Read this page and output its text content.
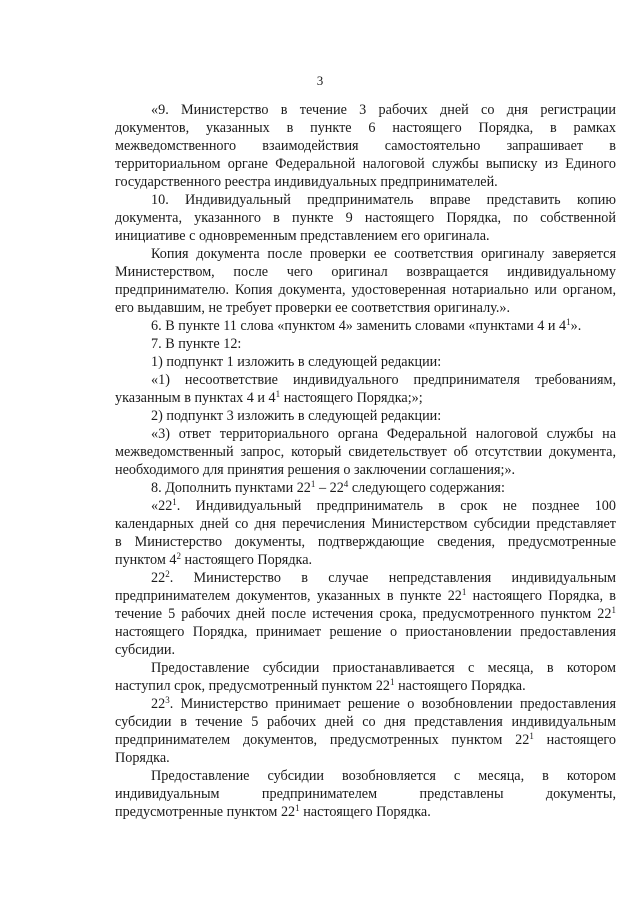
3
«9. Министерство в течение 3 рабочих дней со дня регистрации
документов, указанных в пункте 6 настоящего Порядка, в рамках
межведомственного взаимодействия самостоятельно запрашивает в
территориальном органе Федеральной налоговой службы выписку из Единого
государственного реестра индивидуальных предпринимателей.
10. Индивидуальный предприниматель вправе представить копию
документа, указанного в пункте 9 настоящего Порядка, по собственной
инициативе с одновременным представлением его оригинала.
Копия документа после проверки ее соответствия оригиналу заверяется
Министерством, после чего оригинал возвращается индивидуальному
предпринимателю. Копия документа, удостоверенная нотариально или органом,
его выдавшим, не требует проверки ее соответствия оригиналу.».
6. В пункте 11 слова «пунктом 4» заменить словами «пунктами 4 и $4^1$».
7. В пункте 12:
1) подпункт 1 изложить в следующей редакции:
«1) несоответствие индивидуального предпринимателя требованиям,
указанным в пунктах 4 и $4^1$ настоящего Порядка;»;
2) подпункт 3 изложить в следующей редакции:
«3) ответ территориального органа Федеральной налоговой службы на
межведомственный запрос, который свидетельствует об отсутствии документа,
необходимого для принятия решения о заключении соглашения;».
8. Дополнить пунктами $22^1 - 22^4$ следующего содержания:
«$22^1$. Индивидуальный предприниматель в срок не позднее 100
календарных дней со дня перечисления Министерством субсидии представляет
в Министерство документы, подтверждающие сведения, предусмотренные
пунктом $4^2$ настоящего Порядка.
$22^2$. Министерство в случае непредставления индивидуальным
предпринимателем документов, указанных в пункте $22^1$ настоящего Порядка, в
течение 5 рабочих дней после истечения срока, предусмотренного пунктом $22^1$
настоящего Порядка, принимает решение о приостановлении предоставления
субсидии.
Предоставление субсидии приостанавливается с месяца, в котором
наступил срок, предусмотренный пунктом $22^1$ настоящего Порядка.
$22^3$. Министерство принимает решение о возобновлении предоставления
субсидии в течение 5 рабочих дней со дня представления индивидуальным
предпринимателем документов, предусмотренных пунктом $22^1$ настоящего
Порядка.
Предоставление субсидии возобновляется с месяца, в котором
индивидуальным предпринимателем представлены документы,
предусмотренные пунктом $22^1$ настоящего Порядка.
